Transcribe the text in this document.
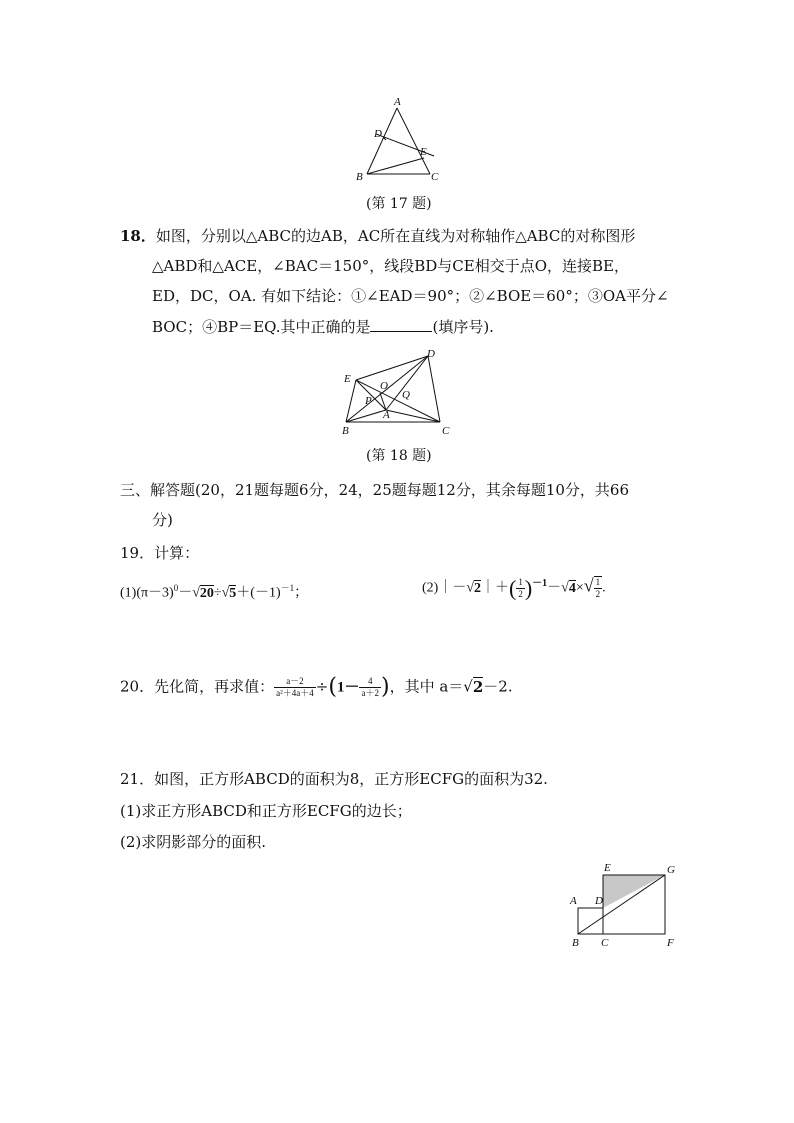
A
B	C
D
E
(第 17 题)
18．如图，分别以△ABC的边AB，AC所在直线为对称轴作△ABC的对称图形
△ABD和△ACE，∠BAC＝150°，线段BD与CE相交于点O，连接BE，
ED，DC，OA. 有如下结论：①∠EAD＝90°；②∠BOE＝60°；③OA平分∠
BOC；④BP＝EQ.其中正确的是	(填序号).
E
D
O
P	Q
A
B	C
(第 18 题)
三、解答题(20，21题每题6分，24，25题每题12分，其余每题10分，共66
分)
19．计算：
$(1)(\pi-3)^0-√20\div√5+(-1)^{-1}$；	(2)｜－√2｜＋( $\frac{1}{2} )^{-1}-√4\times√ \frac{1}{2}$ .
20．先化简，再求值： $\frac{a-2}{\text{a²＋4a＋4}} \div(1- \frac{4}{a+2}$ )，其中 a＝√2－2.
21．如图，正方形ABCD的面积为8，正方形ECFG的面积为32.
(1)求正方形ABCD和正方形ECFG的边长；
(2)求阴影部分的面积.
A
B C
D
E
F
G
